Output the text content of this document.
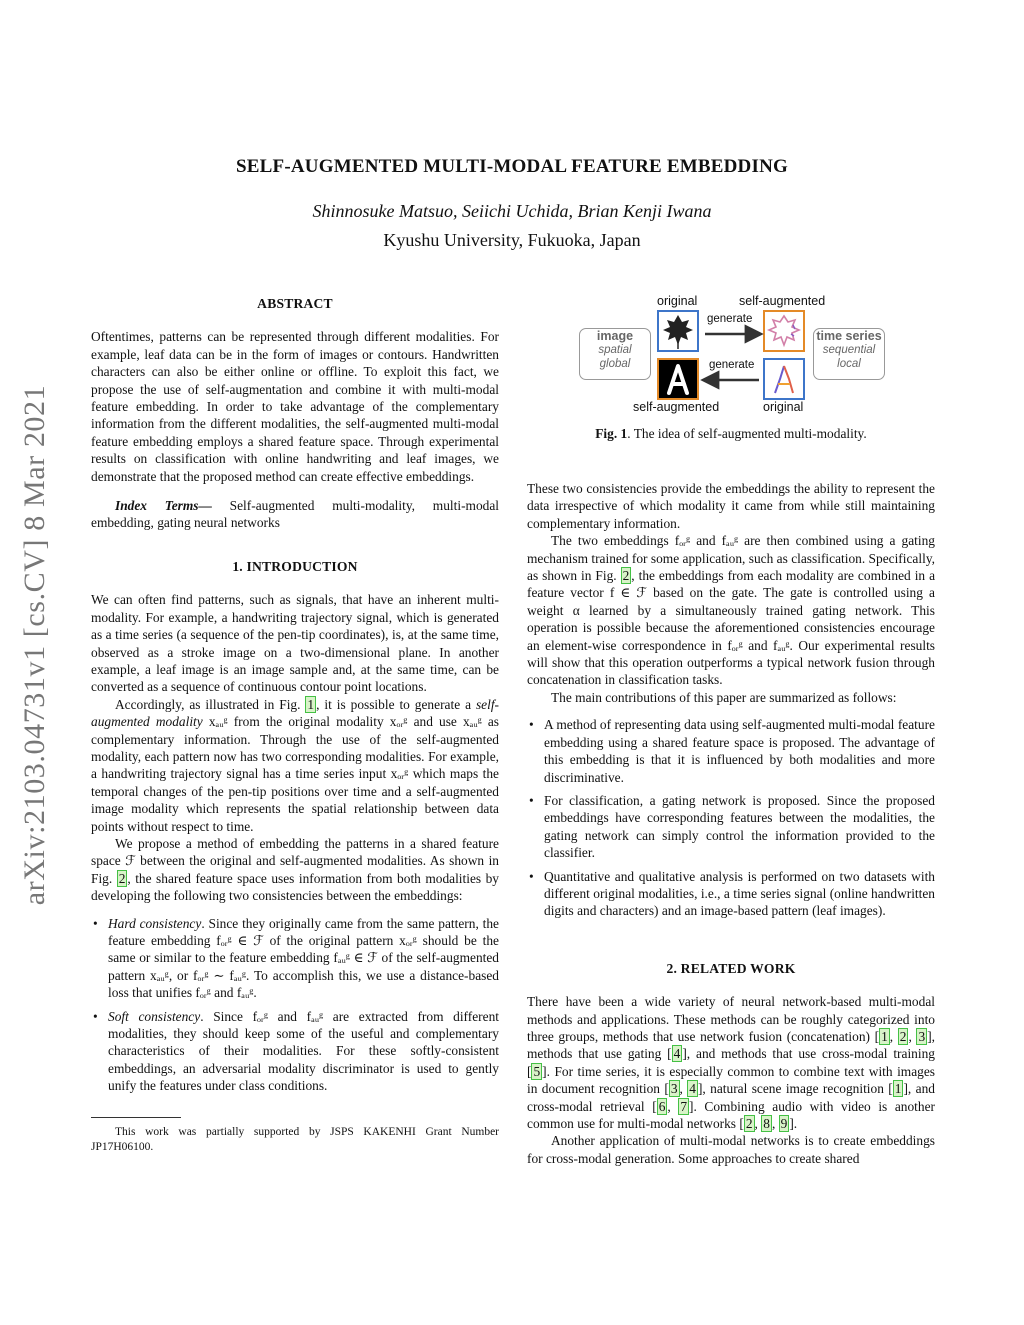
arXiv:2103.04731v1 [cs.CV] 8 Mar 2021
SELF-AUGMENTED MULTI-MODAL FEATURE EMBEDDING
Shinnosuke Matsuo, Seiichi Uchida, Brian Kenji Iwana
Kyushu University, Fukuoka, Japan
ABSTRACT

Oftentimes, patterns can be represented through different modalities. For example, leaf data can be in the form of images or contours. Handwritten characters can also be either online or offline. To exploit this fact, we propose the use of self-augmentation and combine it with multi-modal feature embedding. In order to take advantage of the complementary information from the different modalities, the self-augmented multi-modal feature embedding employs a shared feature space. Through experimental results on classification with online handwriting and leaf images, we demonstrate that the proposed method can create effective embeddings.

Index Terms— Self-augmented multi-modality, multi-modal embedding, gating neural networks

1. INTRODUCTION

We can often find patterns, such as signals, that have an inherent multi-modality. For example, a handwriting trajectory signal, which is generated as a time series (a sequence of the pen-tip coordinates), is, at the same time, observed as a stroke image on a two-dimensional plane. In another example, a leaf image is an image sample and, at the same time, can be converted as a sequence of continuous contour point locations.

Accordingly, as illustrated in Fig. 1 , it is possible to generate a self-augmented modality xₐᵤᵍ from the original modality xₒᵣᵍ and use xₐᵤᵍ as complementary information. Through the use of the self-augmented modality, each pattern now has two corresponding modalities. For example, a handwriting trajectory signal has a time series input xₒᵣᵍ which maps the temporal changes of the pen-tip positions over time and a self-augmented image modality which represents the spatial relationship between data points without respect to time.

We propose a method of embedding the patterns in a shared feature space ℱ between the original and self-augmented modalities. As shown in Fig. 2 , the shared feature space uses information from both modalities by developing the following two consistencies between the embeddings:

• Hard consistency. Since they originally came from the same pattern, the feature embedding fₒᵣᵍ ∈ ℱ of the original pattern xₒᵣᵍ should be the same or similar to the feature embedding fₐᵤᵍ ∈ ℱ of the self-augmented pattern xₐᵤᵍ, or fₒᵣᵍ ∼ fₐᵤᵍ. To accomplish this, we use a distance-based loss that unifies fₒᵣᵍ and fₐᵤᵍ.
• Soft consistency. Since fₒᵣᵍ and fₐᵤᵍ are extracted from different modalities, they should keep some of the useful and complementary characteristics of their modalities. For these softly-consistent embeddings, an adversarial modality discriminator is used to gently unify the features under class conditions.

This work was partially supported by JSPS KAKENHI Grant Number JP17H06100.

original	self-augmented
image
spatial
global
time series
sequential
local
generate
generate
self-augmented	original
Fig. 1. The idea of self-augmented multi-modality.

These two consistencies provide the embeddings the ability to represent the data irrespective of which modality it came from while still maintaining complementary information.

The two embeddings fₒᵣᵍ and fₐᵤᵍ are then combined using a gating mechanism trained for some application, such as classification. Specifically, as shown in Fig. 2 , the embeddings from each modality are combined in a feature vector f ∈ ℱ based on the gate. The gate is controlled using a weight α learned by a simultaneously trained gating network. This operation is possible because the aforementioned consistencies encourage an element-wise correspondence in fₒᵣᵍ and fₐᵤᵍ. Our experimental results will show that this operation outperforms a typical network fusion through concatenation in classification tasks.

The main contributions of this paper are summarized as follows:

• A method of representing data using self-augmented multi-modal feature embedding using a shared feature space is proposed. The advantage of this embedding is that it is influenced by both modalities and more discriminative.
• For classification, a gating network is proposed. Since the proposed embeddings have corresponding features between the modalities, the gating network can simply control the information provided to the classifier.
• Quantitative and qualitative analysis is performed on two datasets with different original modalities, i.e., a time series signal (online handwritten digits and characters) and an image-based pattern (leaf images).
2. RELATED WORK

There have been a wide variety of neural network-based multi-modal methods and applications. These methods can be roughly categorized into three groups, methods that use network fusion (concatenation) [ 1 , 2 , 3 ], methods that use gating [ 4 ], and methods that use cross-modal training [ 5 ]. For time series, it is especially common to combine text with images in document recognition [ 3 , 4 ], natural scene image recognition [ 1 ], and cross-modal retrieval [ 6 , 7 ]. Combining audio with video is another common use for multi-modal networks [ 2 , 8 , 9 ].

Another application of multi-modal networks is to create embeddings for cross-modal generation. Some approaches to create shared
